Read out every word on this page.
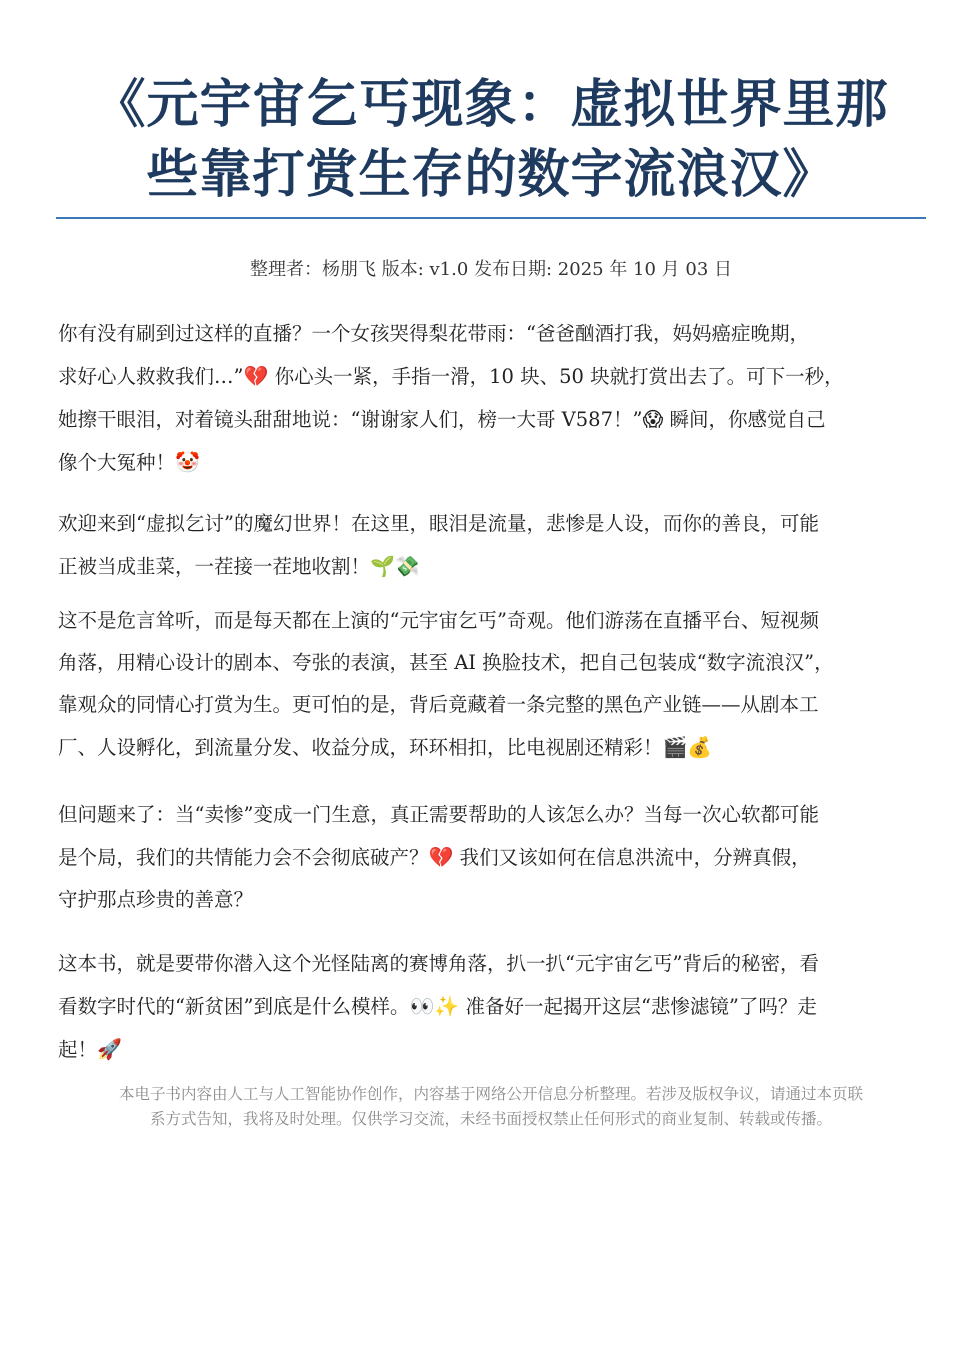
《元宇宙乞丐现象：虚拟世界里那
些靠打赏生存的数字流浪汉》
整理者：杨朋飞 版本: v1.0 发布日期: 2025 年 10 月 03 日
你有没有刷到过这样的直播？一个女孩哭得梨花带雨：“爸爸酗酒打我，妈妈癌症晚期，
求好心人救救我们…”💔 你心头一紧，手指一滑，10 块、50 块就打赏出去了。可下一秒，
她擦干眼泪，对着镜头甜甜地说：“谢谢家人们，榜一大哥 V587！”😱 瞬间，你感觉自己
像个大冤种！🤡
欢迎来到“虚拟乞讨”的魔幻世界！在这里，眼泪是流量，悲惨是人设，而你的善良，可能
正被当成韭菜，一茬接一茬地收割！🌱💸
这不是危言耸听，而是每天都在上演的“元宇宙乞丐”奇观。他们游荡在直播平台、短视频
角落，用精心设计的剧本、夸张的表演，甚至 AI 换脸技术，把自己包装成“数字流浪汉”，
靠观众的同情心打赏为生。更可怕的是，背后竟藏着一条完整的黑色产业链——从剧本工
厂、人设孵化，到流量分发、收益分成，环环相扣，比电视剧还精彩！🎬💰
但问题来了：当“卖惨”变成一门生意，真正需要帮助的人该怎么办？当每一次心软都可能
是个局，我们的共情能力会不会彻底破产？💔 我们又该如何在信息洪流中，分辨真假，
守护那点珍贵的善意？
这本书，就是要带你潜入这个光怪陆离的赛博角落，扒一扒“元宇宙乞丐”背后的秘密，看
看数字时代的“新贫困”到底是什么模样。👀✨ 准备好一起揭开这层“悲惨滤镜”了吗？走
起！🚀
本电子书内容由人工与人工智能协作创作，内容基于网络公开信息分析整理。若涉及版权争议，请通过本页联
系方式告知，我将及时处理。仅供学习交流，未经书面授权禁止任何形式的商业复制、转载或传播。
